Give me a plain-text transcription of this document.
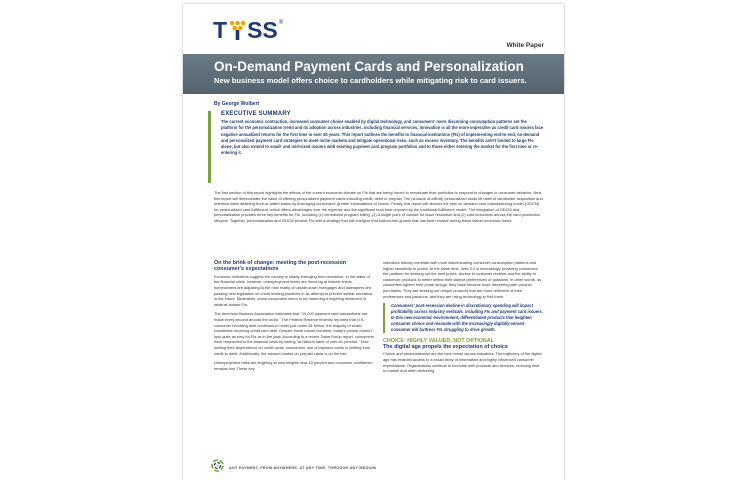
T S S ®
White Paper
On-Demand Payment Cards and Personalization
New business model offers choice to cardholders while mitigating risk to card issuers.
By George Wolbert
EXECUTIVE SUMMARY

The current economic contraction, increased consumer choice enabled by digital technology, and consumers' more discerning consumption patterns set the platform for the personalization trend and its adoption across industries, including financial services. Innovation is all the more imperative as credit card issuers face negative annualized returns for the first time in over 30 years. This report outlines the benefits to financial institutions (FIs) of implementing end-to-end, on-demand and personalized payment card strategies to meet niche markets and mitigate operational risks, such as excess inventory. The benefits aren't limited to large FIs alone, but also extend to small- and mid-sized issuers with existing payment card program portfolios and to those either entering the market for the first time or re-entering it.

The first section of this report highlights the effects of the current economic climate on FIs that are being forced to reevaluate their portfolios to respond to changes in consumer behavior. Next, this report will demonstrate the value of offering personalized payment cards including credit, debit or prepaid. The pinnacle of affinity, personalized cards lift rates of cardholder acquisition and retention while attaining front-of-wallet status by leveraging consumers' greater expectations of choice. Finally, this report will discuss the new on-demand card manufacturing model (ODCM) for personalized card fulfillment, which offers advantages over the expense and the significant lead time required by the traditional fulfillment model. The integration of ODCM and personalization provides three key benefits for FIs, including (1) centralized program billing, (2) a single point of contact for issue resolution and (2) cost reductions across the card production lifecycle. Together, personalization and ODCM provide FIs with a strategy that will energize that bottom-line growth that has been elusive during these leaner economic times.

On the brink of change: meeting the post-recession consumer's expectations

Economic indicators suggest the country is slowly emerging from recession. In the wake of the financial crisis, however, unemployment levels are hovering at historic levels, homeowners are adjusting to the new reality of upside-down mortgages and lawmakers are passing new legislation on credit lending practices in an attempt to prevent similar scenarios in the future. Meanwhile, some consumers seem to be harboring a lingering sentiment of mistrust toward FIs.

The American Bankers Association estimates that "10,000 payment card transactions are made every second around the world." The Federal Reserve recently reported that U.S. consumer revolving debt continues to hover just under $1 trillion, the majority of which constitutes revolving credit card debt. Despite these robust numbers, today's picture doesn't look quite as rosy for FIs as in the past. According to a recent TowerGroup report, consumers have responded to the financial crisis by saving "at historic rates of over six percent." Now limiting their dependence on credit cards, consumers' use of payment cards is shifting from credit to debit. Additionally, the amount loaded on prepaid cards is on the rise.

Unemployment rates are lingering at new heights near 10 percent and consumer confidence remains low. These key

indicators directly correlate with more discriminating consumer consumption patterns and higher sensitivity to prices. At the same time, Web 2.0 is increasingly providing consumers the platform for seeking out the best prices, access to customer reviews and the ability to customize products to better reflect their distinct preferences or passions. In other words, as consumers tighten their purse strings, they have become more discerning with product purchases. They are seeking out unique products that are more reflective of their preferences and passions, and they are using technology to find them.

Consumers' post-recession decline in discretionary spending will impact profitability across industry verticals, including FIs and payment card issuers. In this new economic environment, differentiated products that heighten consumer choice and resonate with the increasingly digitally-versed consumer will buttress FIs struggling to drive growth.
CHOICE: HIGHLY VALUED, NOT OPTIONAL
The digital age propels the expectation of choice

Choice and personalization are the new norms across industries. The trajectory of the digital age has enabled access to a broad array of information and highly influenced consumer expectations. Organizations continue to innovate with products and services, reducing time to market and often delivering

ANY PAYMENT, FROM ANYWHERE, AT ANY TIME, THROUGH ANY MEDIUM
